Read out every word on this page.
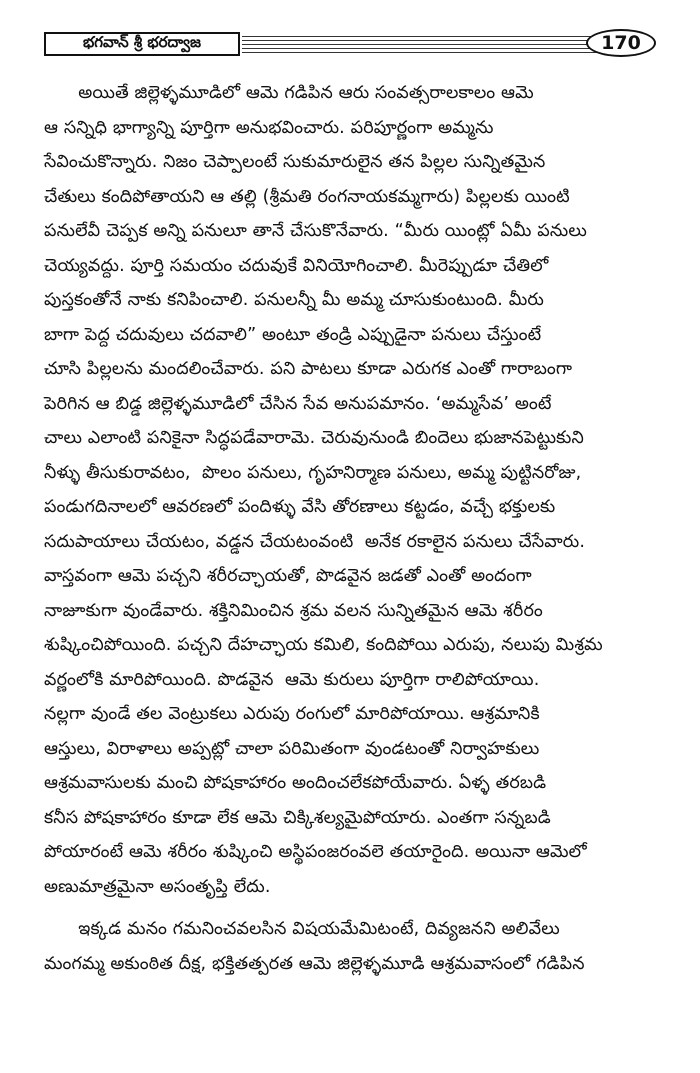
భగవాన్ శ్రీ భరద్వాజ	170
అయితే జిల్లెళ్ళమూడిలో ఆమె గడిపిన ఆరు సంవత్సరాలకాలం ఆమె
ఆ సన్నిధి భాగ్యాన్ని పూర్తిగా అనుభవించారు. పరిపూర్ణంగా అమ్మను
సేవించుకొన్నారు. నిజం చెప్పాలంటే సుకుమారులైన తన పిల్లల సున్నితమైన
చేతులు కందిపోతాయని ఆ తల్లి (శ్రీమతి రంగనాయకమ్మగారు) పిల్లలకు యింటి
పనులేవీ చెప్పక అన్ని పనులూ తానే చేసుకొనేవారు. “మీరు యింట్లో ఏమీ పనులు
చెయ్యవద్దు. పూర్తి సమయం చదువుకే వినియోగించాలి. మీరెప్పుడూ చేతిలో
పుస్తకంతోనే నాకు కనిపించాలి. పనులన్నీ మీ అమ్మ చూసుకుంటుంది. మీరు
బాగా పెద్ద చదువులు చదవాలి” అంటూ తండ్రి ఎప్పుడైనా పనులు చేస్తుంటే
చూసి పిల్లలను మందలించేవారు. పని పాటలు కూడా ఎరుగక ఎంతో గారాబంగా
పెరిగిన ఆ బిడ్డ జిల్లెళ్ళమూడిలో చేసిన సేవ అనుపమానం. ‘అమ్మసేవ’ అంటే
చాలు ఎలాంటి పనికైనా సిద్ధపడేవారామె. చెరువునుండి బిందెలు భుజానపెట్టుకుని
నీళ్ళు తీసుకురావటం,  పొలం పనులు, గృహనిర్మాణ పనులు, అమ్మ పుట్టినరోజు,
పండుగదినాలలో ఆవరణలో పందిళ్ళు వేసి తోరణాలు కట్టడం, వచ్చే భక్తులకు
సదుపాయాలు చేయటం, వడ్డన చేయటంవంటి  అనేక రకాలైన పనులు చేసేవారు.
వాస్తవంగా ఆమె పచ్చని శరీరచ్ఛాయతో, పొడవైన జడతో ఎంతో అందంగా
నాజూకుగా వుండేవారు. శక్తినిమించిన శ్రమ వలన సున్నితమైన ఆమె శరీరం
శుష్కించిపోయింది. పచ్చని దేహచ్ఛాయ కమిలి, కందిపోయి ఎరుపు, నలుపు మిశ్రమ
వర్ణంలోకి మారిపోయింది. పొడవైన  ఆమె కురులు పూర్తిగా రాలిపోయాయి.
నల్లగా వుండే తల వెంట్రుకలు ఎరుపు రంగులో మారిపోయాయి. ఆశ్రమానికి
ఆస్తులు, విరాళాలు అప్పట్లో చాలా పరిమితంగా వుండటంతో నిర్వాహకులు
ఆశ్రమవాసులకు మంచి పోషకాహారం అందించలేకపోయేవారు. ఏళ్ళ తరబడి
కనీస పోషకాహారం కూడా లేక ఆమె చిక్కిశల్యమైపోయారు. ఎంతగా సన్నబడి
పోయారంటే ఆమె శరీరం శుష్కించి అస్థిపంజరంవలె తయారైంది. అయినా ఆమెలో
అణుమాత్రమైనా అసంతృప్తి లేదు.
ఇక్కడ మనం గమనించవలసిన విషయమేమిటంటే, దివ్యజనని అలివేలు
మంగమ్మ అకుంఠిత దీక్ష, భక్తితత్పరత ఆమె జిల్లెళ్ళమూడి ఆశ్రమవాసంలో గడిపిన
